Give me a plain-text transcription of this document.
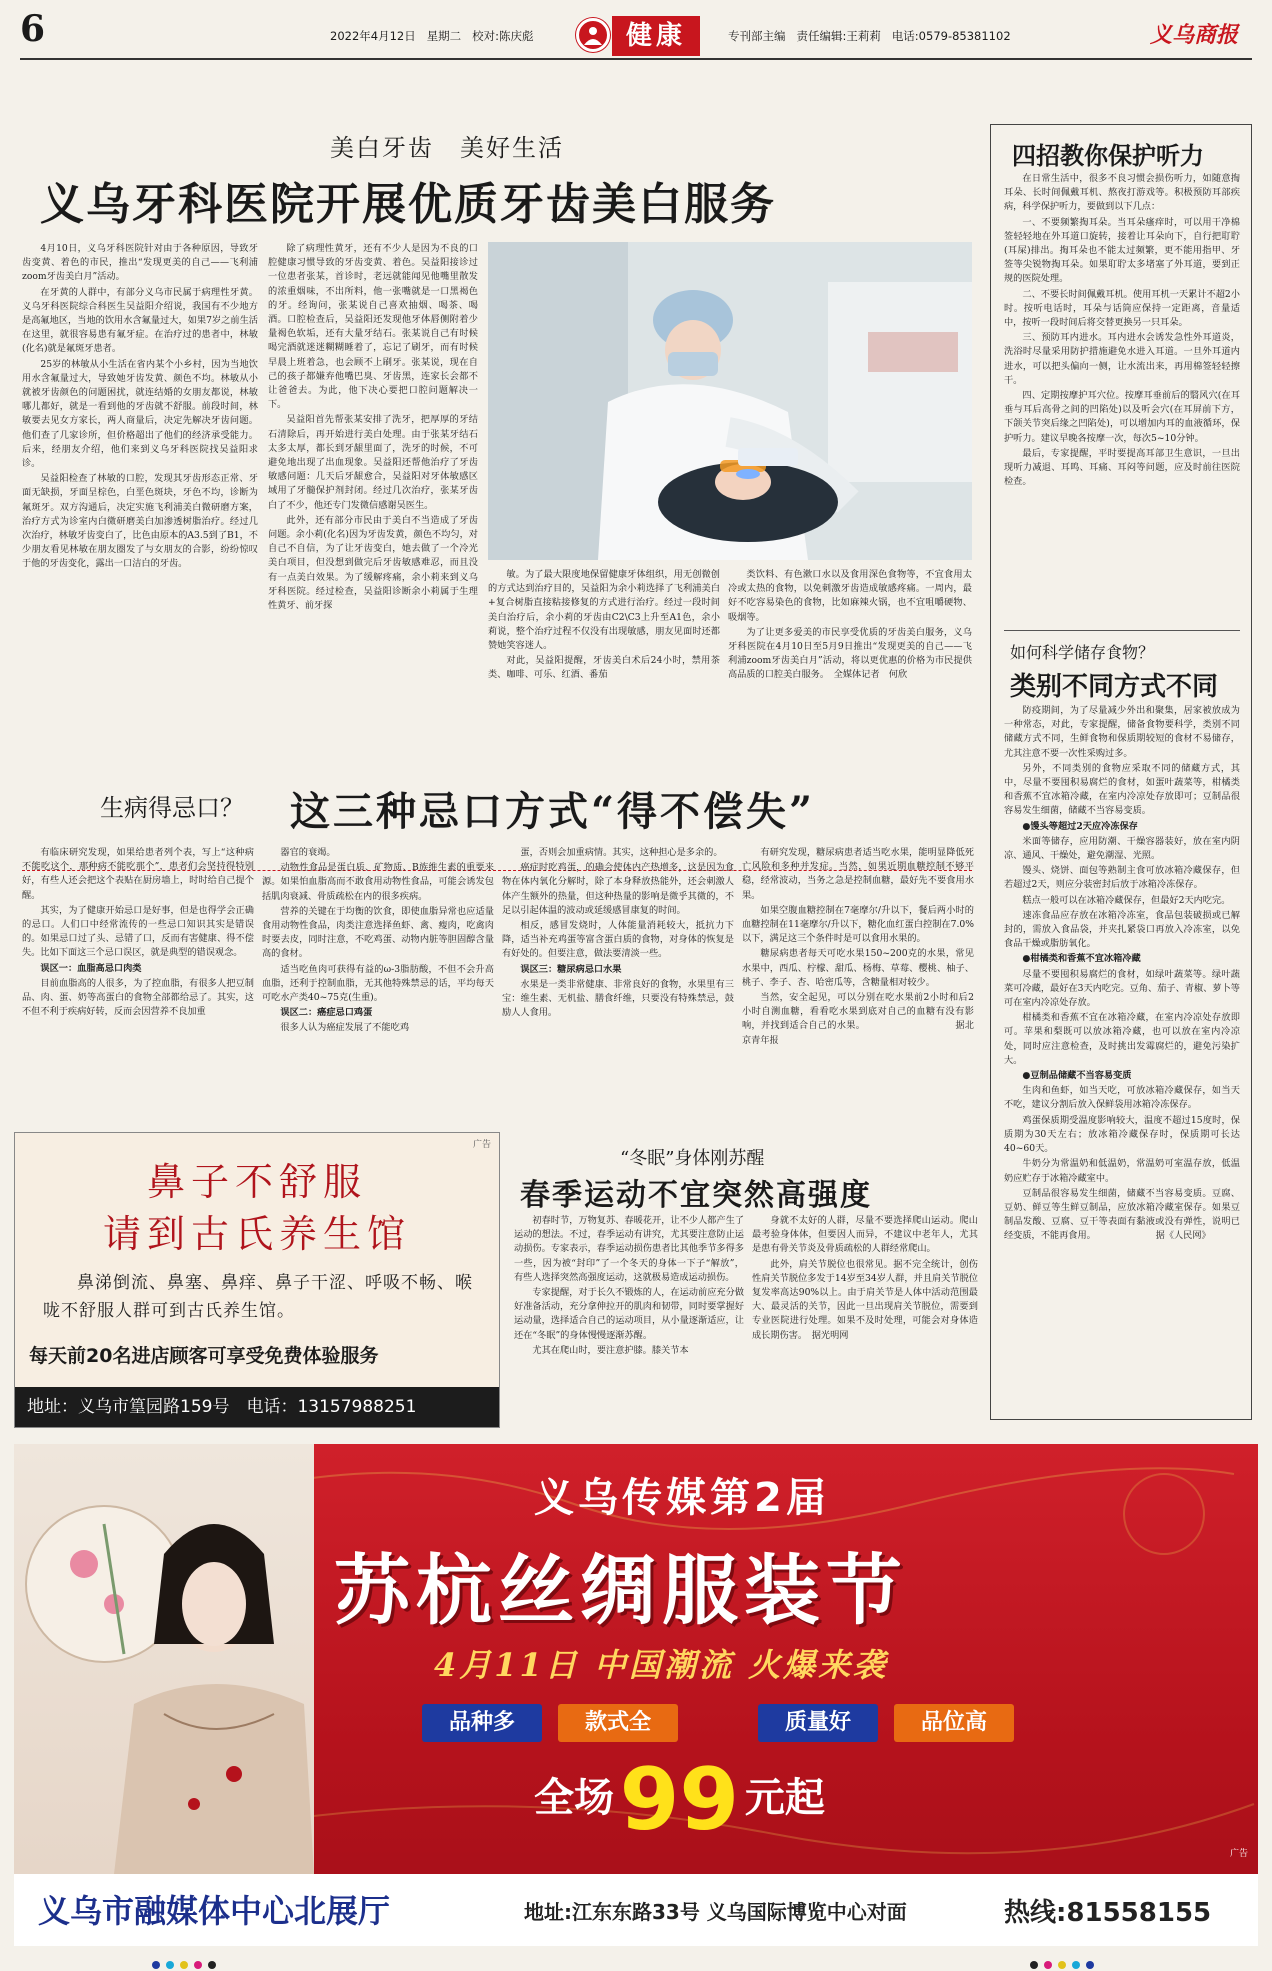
6	2022年4月12日 星期二 校对:陈庆彪	健康	专刊部主编 责任编辑:王莉莉 电话:0579-85381102	义乌商报
美白牙齿　美好生活
义乌牙科医院开展优质牙齿美白服务

4月10日，义乌牙科医院针对由于各种原因，导致牙齿变黄、着色的市民，推出“发现更美的自己——飞利浦zoom牙齿美白月”活动。

在牙黄的人群中，有部分义乌市民属于病理性牙黄。义乌牙科医院综合科医生吴益阳介绍说，我国有不少地方是高氟地区，当地的饮用水含氟量过大，如果7岁之前生活在这里，就很容易患有氟牙症。在治疗过的患者中，林敏(化名)就是氟斑牙患者。

25岁的林敏从小生活在省内某个小乡村，因为当地饮用水含氟量过大，导致她牙齿发黄、颜色不均。林敏从小就被牙齿颜色的问题困扰，就连结婚的女朋友都说，林敏哪儿都好，就是一看到他的牙齿就不舒服。前段时间，林敏要去见女方家长，两人商量后，决定先解决牙齿问题。他们查了几家诊所，但价格超出了他们的经济承受能力。后来，经朋友介绍，他们来到义乌牙科医院找吴益阳求诊。

吴益阳检查了林敏的口腔，发现其牙齿形态正常、牙面无缺损，牙面呈棕色，白垩色斑块，牙色不均，诊断为氟斑牙。双方沟通后，决定实施飞利浦美白微研磨方案，治疗方式为诊室内白微研磨美白加渗透树脂治疗。经过几次治疗，林敏牙齿变白了，比色由原本的A3.5到了B1，不少朋友看见林敏在朋友圈发了与女朋友的合影，纷纷惊叹于他的牙齿变化，露出一口洁白的牙齿。

除了病理性黄牙，还有不少人是因为不良的口腔健康习惯导致的牙齿变黄、着色。吴益阳接诊过一位患者张某，首诊时，老远就能闻见他嘴里散发的浓重烟味，不出所料，他一张嘴就是一口黑褐色的牙。经询问，张某说自己喜欢抽烟、喝茶、喝酒。口腔检查后，吴益阳还发现他牙体唇侧附着少量褐色软垢，还有大量牙结石。张某说自己有时候喝完酒就迷迷糊糊睡着了，忘记了刷牙，而有时候早晨上班着急，也会顾不上刷牙。张某说，现在自己的孩子都嫌弃他嘴巴臭、牙齿黑，连家长会都不让爸爸去。为此，他下决心要把口腔问题解决一下。

吴益阳首先帮张某安排了洗牙，把厚厚的牙结石清除后，再开始进行美白处理。由于张某牙结石太多太厚，都长到牙龈里面了，洗牙的时候，不可避免地出现了出血现象。吴益阳还帮他治疗了牙齿敏感问题：几天后牙龈愈合，吴益阳对牙体敏感区域用了牙髓保护剂封闭。经过几次治疗，张某牙齿白了不少，他还专门发微信感谢吴医生。

此外，还有部分市民由于美白不当造成了牙齿问题。余小莉(化名)因为牙齿发黄，颜色不均匀，对自己不自信，为了让牙齿变白，她去做了一个冷光美白项目，但没想到做完后牙齿敏感难忍，而且没有一点美白效果。为了缓解疼痛，余小莉来到义乌牙科医院。经过检查，吴益阳诊断余小莉属于生理性黄牙、前牙探

敏。为了最大限度地保留健康牙体组织，用无创微创的方式达到治疗目的，吴益阳为余小莉选择了飞利浦美白+复合树脂直接粘接修复的方式进行治疗。经过一段时间美白治疗后，余小莉的牙齿由C2\C3上升至A1色，余小莉说，整个治疗过程不仅没有出现敏感，朋友见面时还都赞她笑容迷人。

对此，吴益阳提醒，牙齿美白术后24小时，禁用茶类、咖啡、可乐、红酒、番茄

类饮料、有色漱口水以及食用深色食物等，不宜食用太冷或太热的食物，以免刺激牙齿造成敏感疼痛。一周内，最好不吃容易染色的食物，比如麻辣火锅，也不宜咀嚼硬物、吸烟等。

为了让更多爱美的市民享受优质的牙齿美白服务，义乌牙科医院在4月10日至5月9日推出“发现更美的自己——飞利浦zoom牙齿美白月”活动，将以更优惠的价格为市民提供高品质的口腔美白服务。　全媒体记者　何欣

四招教你保护听力

在日常生活中，很多不良习惯会损伤听力，如随意掏耳朵、长时间佩戴耳机、熬夜打游戏等。积极预防耳部疾病，科学保护听力，要做到以下几点：

一、不要频繁掏耳朵。当耳朵瘙痒时，可以用干净棉签轻轻地在外耳道口旋转，接着让耳朵向下，自行把耵聍(耳屎)排出。掏耳朵也不能太过频繁，更不能用指甲、牙签等尖锐物掏耳朵。如果耵聍太多堵塞了外耳道，要到正规的医院处理。

二、不要长时间佩戴耳机。使用耳机一天累计不超2小时。按听电话时，耳朵与话筒应保持一定距离，音量适中，按听一段时间后将交替更换另一只耳朵。

三、预防耳内进水。耳内进水会诱发急性外耳道炎，洗浴时尽量采用防护措施避免水进入耳道。一旦外耳道内进水，可以把头偏向一侧，让水流出来，再用棉签轻轻擦干。

四、定期按摩护耳穴位。按摩耳垂前后的翳风穴(在耳垂与耳后高骨之间的凹陷处)以及听会穴(在耳屏前下方，下颌关节突后缘之凹陷处)，可以增加内耳的血液循环，保护听力。建议早晚各按摩一次，每次5~10分钟。

最后，专家提醒，平时要提高耳部卫生意识，一旦出现听力减退、耳鸣、耳痛、耳闷等问题，应及时前往医院检查。

如何科学储存食物？
类别不同方式不同

防疫期间，为了尽量减少外出和聚集，居家被放成为一种常态，对此，专家提醒，储备食物要科学，类别不同储藏方式不同，生鲜食物和保质期较短的食材不易储存，尤其注意不要一次性采购过多。

另外，不同类别的食物应采取不同的储藏方式，其中，尽量不要囤积易腐烂的食材，如蛋叶蔬菜等，柑橘类和香蕉不宜冰箱冷藏，在室内冷凉处存放即可；豆制品很容易发生细菌，储藏不当容易变质。

●馒头等超过2天应冷冻保存

米面等储存，应用防潮、干燥容器装好，放在室内阴凉、通风、干燥处，避免潮湿、光照。

馒头、烧饼、面包等熟制主食可放冰箱冷藏保存，但若超过2天，则应分装密封后放于冰箱冷冻保存。

糕点一般可以在冰箱冷藏保存，但最好2天内吃完。

速冻食品应存放在冰箱冷冻室，食品包装破损或已解封的，需放入食品袋，并夹扎紧袋口再放入冷冻室，以免食品干燥或脂肪氧化。

●柑橘类和香蕉不宜冰箱冷藏

尽量不要囤积易腐烂的食材，如绿叶蔬菜等。绿叶蔬菜可冷藏，最好在3天内吃完。豆角、茄子、青椒、萝卜等可在室内冷凉处存放。

柑橘类和香蕉不宜在冰箱冷藏，在室内冷凉处存放即可。苹果和梨既可以放冰箱冷藏，也可以放在室内冷凉处，同时应注意检查，及时挑出发霉腐烂的，避免污染扩大。

●豆制品储藏不当容易变质

生肉和鱼虾，如当天吃，可放冰箱冷藏保存，如当天不吃，建议分割后放入保鲜袋用冰箱冷冻保存。

鸡蛋保质期受温度影响较大，温度不超过15度时，保质期为30天左右；放冰箱冷藏保存时，保质期可长达40~60天。

牛奶分为常温奶和低温奶，常温奶可室温存放，低温奶应贮存于冰箱冷藏室中。

豆制品很容易发生细菌，储藏不当容易变质。豆腐、豆奶、鲜豆等生鲜豆制品，应放冰箱冷藏室保存。如果豆制品发酸、豆腐、豆干等表面有黏液或没有弹性，说明已经变质，不能再食用。　　　　　　　据《人民网》

生病得忌口？ 这三种忌口方式“得不偿失”

有临床研究发现，如果给患者列个表，写上“这种病不能吃这个，那种病不能吃那个”，患者们会坚持得特别好，有些人还会把这个表贴在厨房墙上，时时给自己提个醒。

其实，为了健康开始忌口是好事，但是也得学会正确的忌口。人们口中经常流传的一些忌口知识其实是错误的。如果忌口过了头、忌错了口，反而有害健康、得不偿失。比如下面这三个忌口误区，就是典型的错误观念。

误区一：血脂高忌口肉类

目前血脂高的人很多，为了控血脂，有很多人把豆制品、肉、蛋、奶等高蛋白的食物全部都给忌了。其实，这不但不利于疾病好转，反而会因营养不良加重

器官的衰竭。

动物性食品是蛋白质、矿物质、B族维生素的重要来源。如果怕血脂高而不敢食用动物性食品，可能会诱发包括肌肉衰减、骨质疏松在内的很多疾病。

营养的关键在于均衡的饮食，即使血脂异常也应适量食用动物性食品，肉类注意选择鱼虾、禽、瘦肉，吃禽肉时要去皮，同时注意，不吃鸡蛋、动物内脏等胆固醇含量高的食材。

适当吃鱼肉可获得有益的ω-3脂肪酸，不但不会升高血脂，还利于控制血脂，无其他特殊禁忌的话，平均每天可吃水产类40~75克(生重)。

误区二：癌症忌口鸡蛋

很多人认为癌症发展了不能吃鸡

蛋，否则会加重病情。其实，这种担心是多余的。

癌症时吃鸡蛋，的确会使体内产热增多，这是因为食物在体内氧化分解时，除了本身释放热能外，还会刺激人体产生额外的热量，但这种热量的影响是微乎其微的，不足以引起体温的波动或延缓感冒康复的时间。

相反，感冒发烧时，人体能量消耗较大，抵抗力下降，适当补充鸡蛋等富含蛋白质的食物，对身体的恢复是有好处的。但要注意，做法要清淡一些。

误区三：糖尿病忌口水果

水果是一类非常健康、非常良好的食物，水果里有三宝：维生素、无机盐、膳食纤维，只要没有特殊禁忌，鼓励人人食用。

有研究发现，糖尿病患者适当吃水果，能明显降低死亡风险和多种并发症。当然，如果近期血糖控制不够平稳，经常波动，当务之急是控制血糖，最好先不要食用水果。

如果空腹血糖控制在7毫摩尔/升以下，餐后两小时的血糖控制在11毫摩尔/升以下，糖化血红蛋白控制在7.0%以下，满足这三个条件时是可以食用水果的。

糖尿病患者每天可吃水果150~200克的水果，常见水果中，西瓜、柠檬、甜瓜、杨梅、草莓、樱桃、柚子、桃子、李子、杏、哈密瓜等，含糖量相对较少。

当然，安全起见，可以分别在吃水果前2小时和后2小时自测血糖，看看吃水果到底对自己的血糖有没有影响，并找到适合自己的水果。　　　　　　　　　　据北京青年报

广告
鼻子不舒服
请到古氏养生馆
鼻涕倒流、鼻塞、鼻痒、鼻子干涩、呼吸不畅、喉咙不舒服人群可到古氏养生馆。
每天前20名进店顾客可享受免费体验服务
地址：义乌市篁园路159号　电话：13157988251
“冬眠”身体刚苏醒
春季运动不宜突然高强度

初春时节，万物复苏、春暖花开，让不少人都产生了运动的想法。不过，春季运动有讲究，尤其要注意防止运动损伤。专家表示，春季运动损伤患者比其他季节多得多一些，因为被“封印”了一个冬天的身体一下子“解放”，有些人选择突然高强度运动，这就极易造成运动损伤。

专家提醒，对于长久不锻炼的人，在运动前应充分做好准备活动，充分拿伸拉开的肌肉和韧带，同时要掌握好运动量，选择适合自己的运动项目，从小量逐渐适应，让还在“冬眠”的身体慢慢逐渐苏醒。

尤其在爬山时，要注意护膝。膝关节本

身就不太好的人群，尽量不要选择爬山运动。爬山最考验身体体，但要因人而异，不建议中老年人，尤其是患有骨关节炎及骨质疏松的人群经常爬山。

此外，肩关节脱位也很常见。据不完全统计，创伤性肩关节脱位多发于14岁至34岁人群，并且肩关节脱位复发率高达90%以上。由于肩关节是人体中活动范围最大、最灵活的关节，因此一旦出现肩关节脱位，需要到专业医院进行处理。如果不及时处理，可能会对身体造成长期伤害。　据光明网

广告
义乌传媒第2届
苏杭丝绸服装节
4月11日 中国潮流 火爆来袭
品种多	款式全	质量好	品位高
全场 99 元起
义乌市融媒体中心北展厅	地址:江东东路33号 义乌国际博览中心对面	热线:81558155
